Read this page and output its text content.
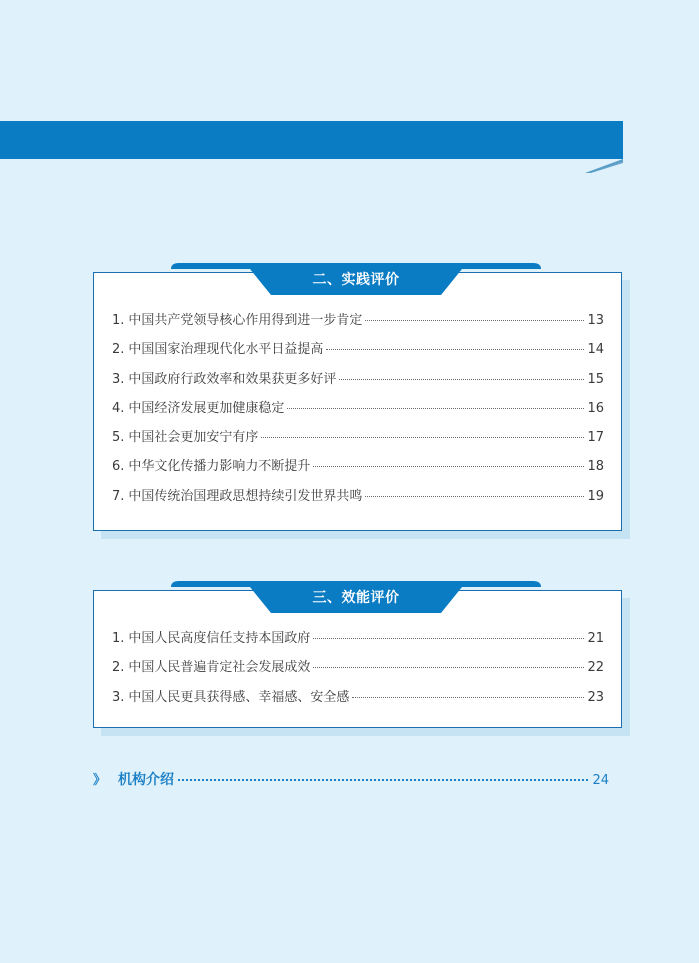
1. 中国共产党领导核心作用得到进一步肯定	13
2. 中国国家治理现代化水平日益提高	14
3. 中国政府行政效率和效果获更多好评	15
4. 中国经济发展更加健康稳定	16
5. 中国社会更加安宁有序	17
6. 中华文化传播力影响力不断提升	18
7. 中国传统治国理政思想持续引发世界共鸣	19
二、实践评价
1. 中国人民高度信任支持本国政府	21
2. 中国人民普遍肯定社会发展成效	22
3. 中国人民更具获得感、幸福感、安全感	23
三、效能评价
》 机构介绍	24
